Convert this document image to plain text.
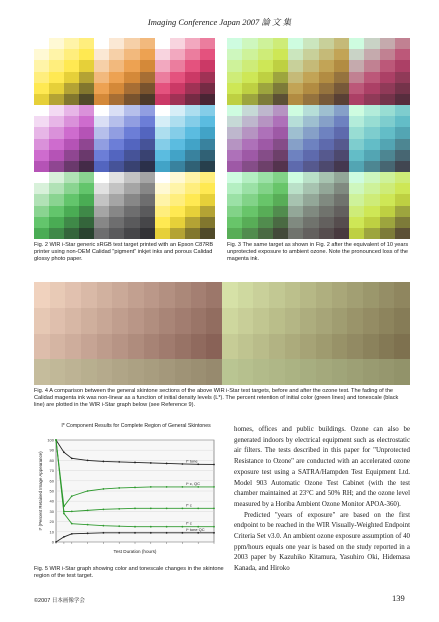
Imaging Conference Japan 2007 論 文 集
Fig. 2 WIR i-Star generic sRGB test target printed with an Epson C87RB printer using non-OEM Calidad "pigment" inkjet inks and porous Calidad glossy photo paper.
Fig. 3 The same target as shown in Fig. 2 after the equivalent of 10 years unprotected exposure to ambient ozone. Note the pronounced loss of the magenta ink.
Fig. 4 A comparison between the general skintone sections of the above WIR i-Star test targets, before and after the ozone test. The fading of the Calidad magenta ink was non-linear as a function of initial density levels (L*). The percent retention of initial color (green lines) and tonescale (black line) are plotted in the WIR i-Star graph below (see Reference 9).
I* Component Results for Complete Region of General Skintones
0
10
20
30
40
50
60
70
80
90
100
Test Duration (hours)
I* (Percent Retained Image Appearance)	I* tone
I* c, QC
I* c
I* c
I* tone QC
Fig. 5 WIR i-Star graph showing color and tonescale changes in the skintone region of the test target.

homes, offices and public buildings. Ozone can also be generated indoors by electrical equipment such as electrostatic air filters. The tests described in this paper for "Unprotected Resistance to Ozone" are conducted with an accelerated ozone exposure test using a SATRA/Hampden Test Equipment Ltd. Model 903 Automatic Ozone Test Cabinet (with the test chamber maintained at 23°C and 50% RH; and the ozone level measured by a Horiba Ambient Ozone Monitor APOA-360).

Predicted "years of exposure" are based on the first endpoint to be reached in the WIR Visually-Weighted Endpoint Criteria Set v3.0. An ambient ozone exposure assumption of 40 ppm/hours equals one year is based on the study reported in a 2003 paper by Kazuhiko Kitamura, Yasuhiro Oki, Hidemasa Kanada, and Hiroko

©2007 日本画像学会	139
